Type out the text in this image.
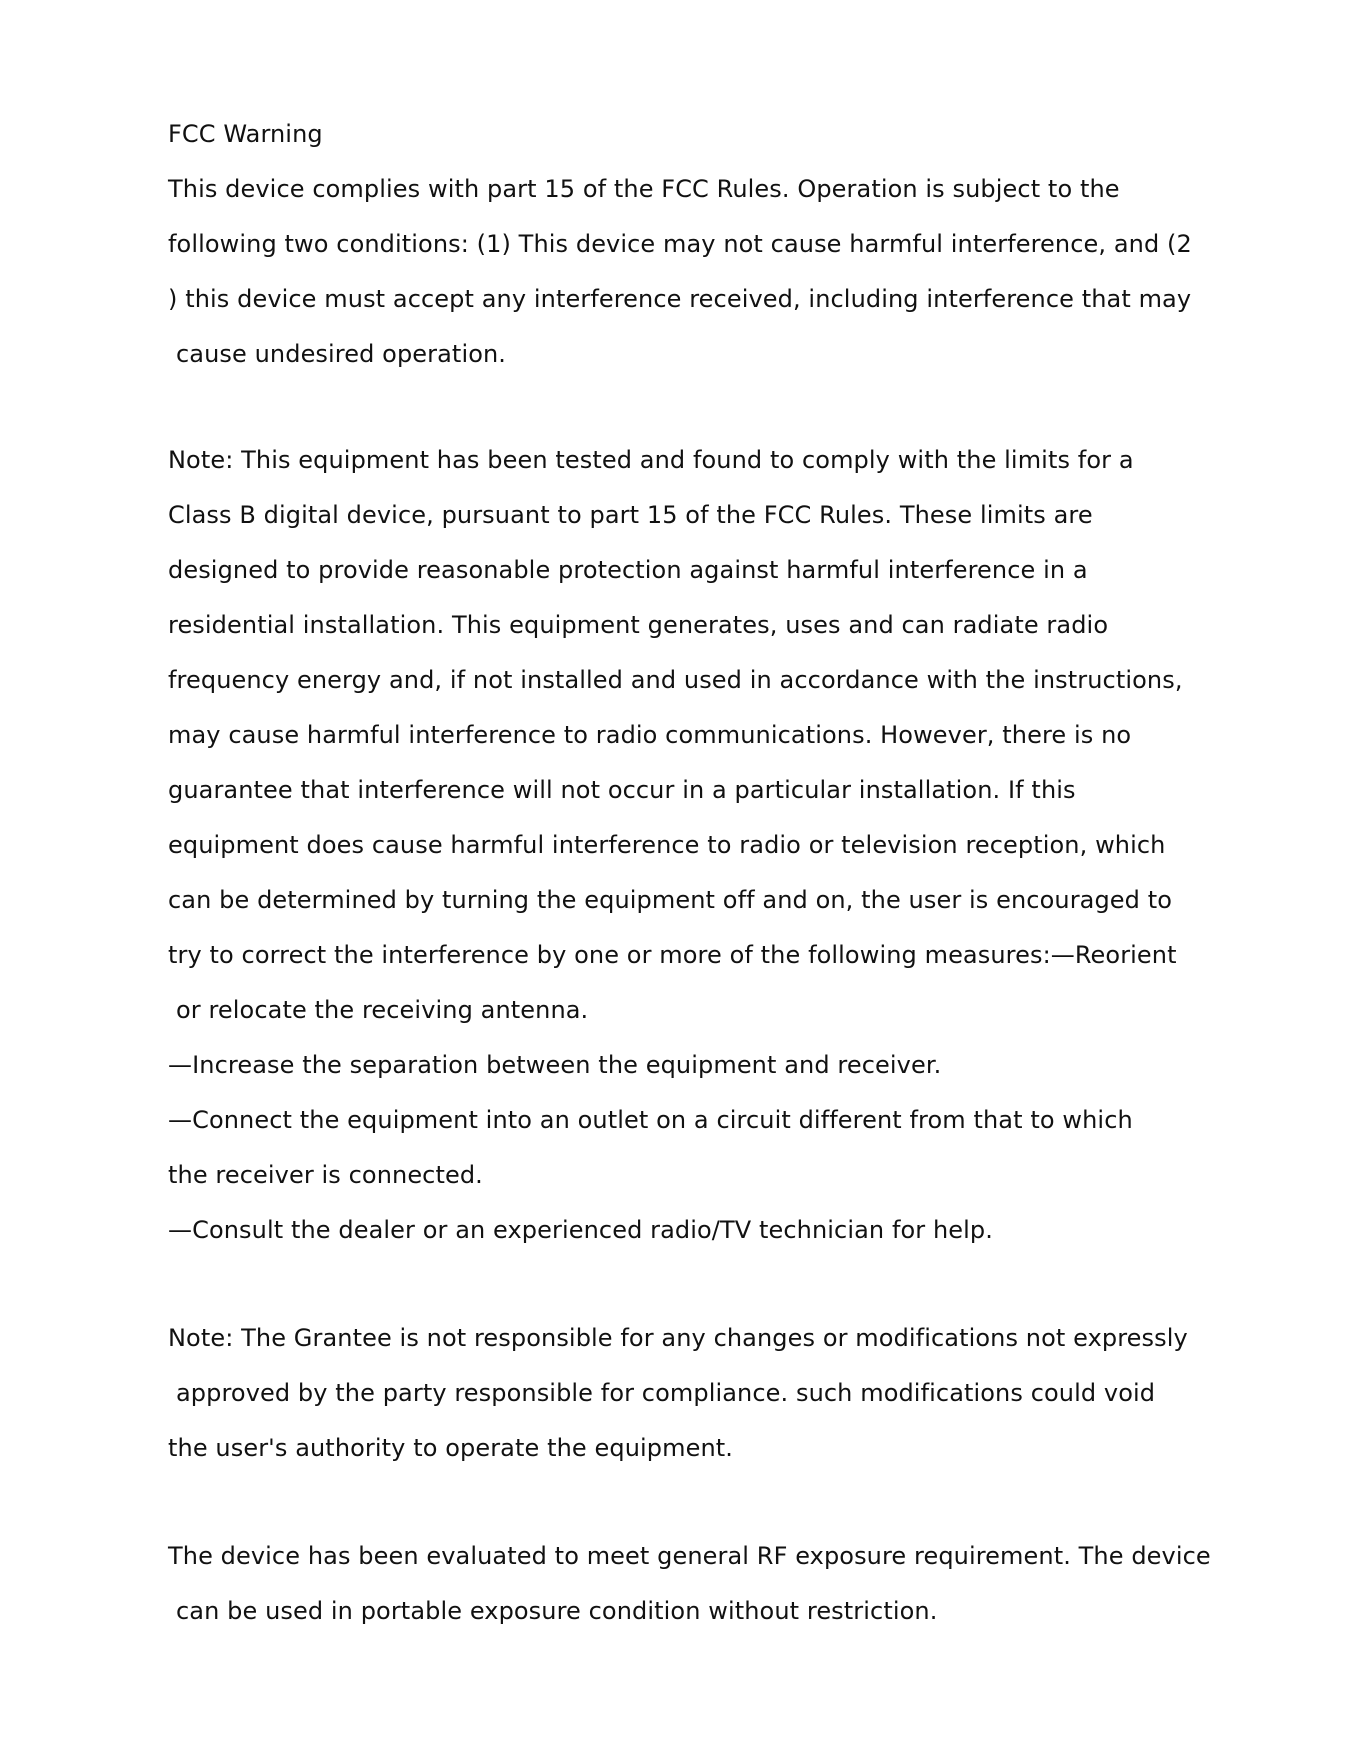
FCC Warning
This device complies with part 15 of the FCC Rules. Operation is subject to the
following two conditions: (1) This device may not cause harmful interference, and (2
) this device must accept any interference received, including interference that may
cause undesired operation.
Note: This equipment has been tested and found to comply with the limits for a
Class B digital device, pursuant to part 15 of the FCC Rules. These limits are
designed to provide reasonable protection against harmful interference in a
residential installation. This equipment generates, uses and can radiate radio
frequency energy and, if not installed and used in accordance with the instructions,
may cause harmful interference to radio communications. However, there is no
guarantee that interference will not occur in a particular installation. If this
equipment does cause harmful interference to radio or television reception, which
can be determined by turning the equipment off and on, the user is encouraged to
try to correct the interference by one or more of the following measures:—Reorient
or relocate the receiving antenna.
—Increase the separation between the equipment and receiver.
—Connect the equipment into an outlet on a circuit different from that to which
the receiver is connected.
—Consult the dealer or an experienced radio/TV technician for help.
Note: The Grantee is not responsible for any changes or modifications not expressly
approved by the party responsible for compliance. such modifications could void
the user's authority to operate the equipment.
The device has been evaluated to meet general RF exposure requirement. The device
can be used in portable exposure condition without restriction.
